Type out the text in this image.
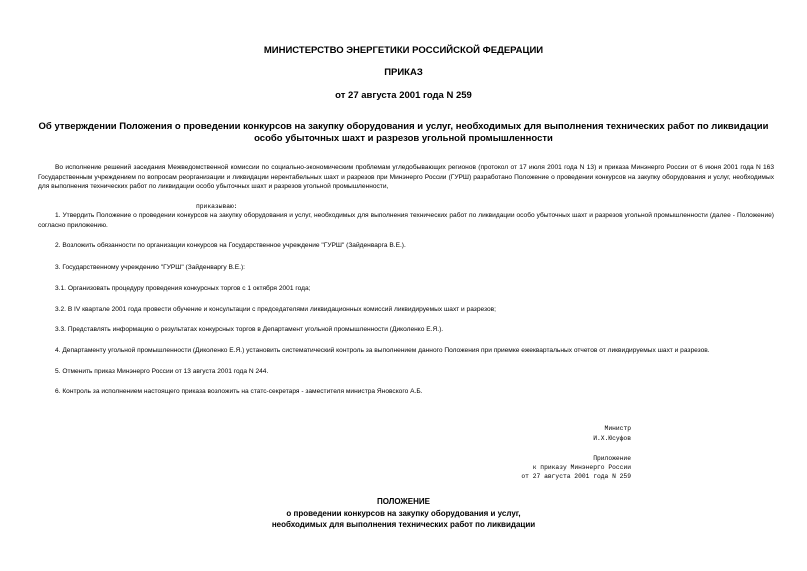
МИНИСТЕРСТВО ЭНЕРГЕТИКИ РОССИЙСКОЙ ФЕДЕРАЦИИ
ПРИКАЗ
от 27 августа 2001 года N 259
Об утверждении Положения о проведении конкурсов на закупку оборудования и услуг, необходимых для выполнения технических работ по ликвидации особо убыточных шахт и разрезов угольной промышленности
Во исполнение решений заседания Межведомственной комиссии по социально-экономическим проблемам угледобывающих регионов (протокол от 17 июля 2001 года N 13) и приказа Минэнерго России от 6 июня 2001 года N 163 Государственным учреждением по вопросам реорганизации и ликвидации нерентабельных шахт и разрезов при Минэнерго России (ГУРШ) разработано Положение о проведении конкурсов на закупку оборудования и услуг, необходимых для выполнения технических работ по ликвидации особо убыточных шахт и разрезов угольной промышленности,
приказываю:
1. Утвердить Положение о проведении конкурсов на закупку оборудования и услуг, необходимых для выполнения технических работ по ликвидации особо убыточных шахт и разрезов угольной промышленности (далее - Положение) согласно приложению.
2. Возложить обязанности по организации конкурсов на Государственное учреждение "ГУРШ" (Зайденварга В.Е.).
3. Государственному учреждению "ГУРШ" (Зайденваргу В.Е.):
3.1. Организовать процедуру проведения конкурсных торгов с 1 октября 2001 года;
3.2. В IV квартале 2001 года провести обучение и консультации с председателями ликвидационных комиссий ликвидируемых шахт и разрезов;
3.3. Представлять информацию о результатах конкурсных торгов в Департамент угольной промышленности (Диколенко Е.Я.).
4. Департаменту угольной промышленности (Диколенко Е.Я.) установить систематический контроль за выполнением данного Положения при приемке ежеквартальных отчетов от ликвидируемых шахт и разрезов.
5. Отменить приказ Минэнерго России от 13 августа 2001 года N 244.
6. Контроль за исполнением настоящего приказа возложить на статс-секретаря - заместителя министра Яновского А.Б.
Министр
И.Х.Юсуфов
Приложение
к приказу Минэнерго России
от 27 августа 2001 года N 259
ПОЛОЖЕНИЕ
о проведении конкурсов на закупку оборудования и услуг,
необходимых для выполнения технических работ по ликвидации
